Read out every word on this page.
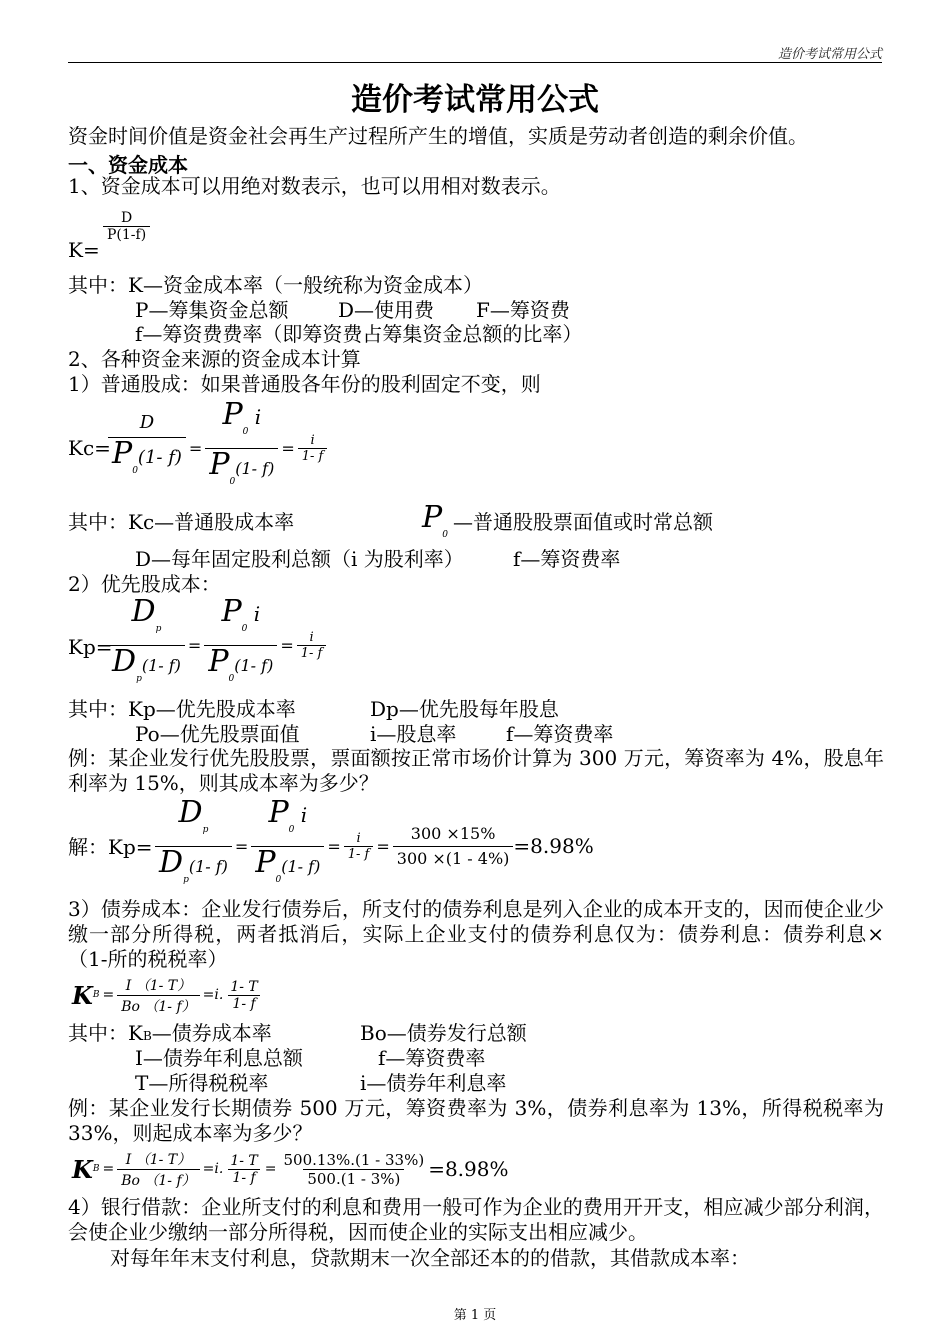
造价考试常用公式
造价考试常用公式
资金时间价值是资金社会再生产过程所产生的增值，实质是劳动者创造的剩余价值。
一、资金成本
1、资金成本可以用绝对数表示，也可以用相对数表示。
K=
$\frac{D}{P(1-f)}$
其中：K—资金成本率（一般统称为资金成本）
P—筹集资金总额 D—使用费 F—筹资费
f—筹资费费率（即筹资费占筹集资金总额的比率）
2、各种资金来源的资金成本计算
1）普通股成：如果普通股各年份的股利固定不变，则
Kc=
$\frac{D}{P_0(1- f)} = \frac{P_0 i}{P_0(1- f)} = \frac{i}{1- f}$
其中：Kc—普通股成本率	$P_0$
—普通股股票面值或时常总额
D—每年固定股利总额（i 为股利率） f—筹资费率
2）优先股成本：
Kp=
$\frac{D_p}{D_p(1- f)} = \frac{P_0 i}{P_0(1- f)} = \frac{i}{1- f}$
其中：Kp—优先股成本率	Dp—优先股每年股息
Po—优先股票面值	i—股息率 f—筹资费率
例：某企业发行优先股股票，票面额按正常市场价计算为 300 万元，筹资率为 4%，股息年利率为 15%，则其成本率为多少？
解：$Kp= \frac{D_p}{D_p(1- f)} = \frac{P_0 i}{P_0(1- f)} = \frac{i}{1- f} = \frac{300 \times 15\%}{300 \times(1 - 4\%)} =8.98\%$
3）债券成本：企业发行债券后，所支付的债券利息是列入企业的成本开支的，因而使企业少缴一部分所得税，两者抵消后，实际上企业支付的债券利息仅为：债券利息：债券利息×（1-所的税税率）
K $B = \frac{I (1- T)}{Bo (1- f)} =i$. $\frac{1- T}{1- f}$
其中：KB—债券成本率	Bo—债券发行总额
I—债券年利息总额	f—筹资费率
T—所得税税率	i—债券年利息率
例：某企业发行长期债券 500 万元，筹资费率为 3%，债券利息率为 13%，所得税税率为 33%，则起成本率为多少？
K $B = \frac{I (1- T)}{Bo (1- f)} =i$. $\frac{1- T}{1- f} = \frac{500.13\%.(1 - 33\%)}{500.(1 - 3\%)} =8.98\%$
4）银行借款：企业所支付的利息和费用一般可作为企业的费用开开支，相应减少部分利润，会使企业少缴纳一部分所得税，因而使企业的实际支出相应减少。
对每年年末支付利息，贷款期末一次全部还本的的借款，其借款成本率：
第 1 页
